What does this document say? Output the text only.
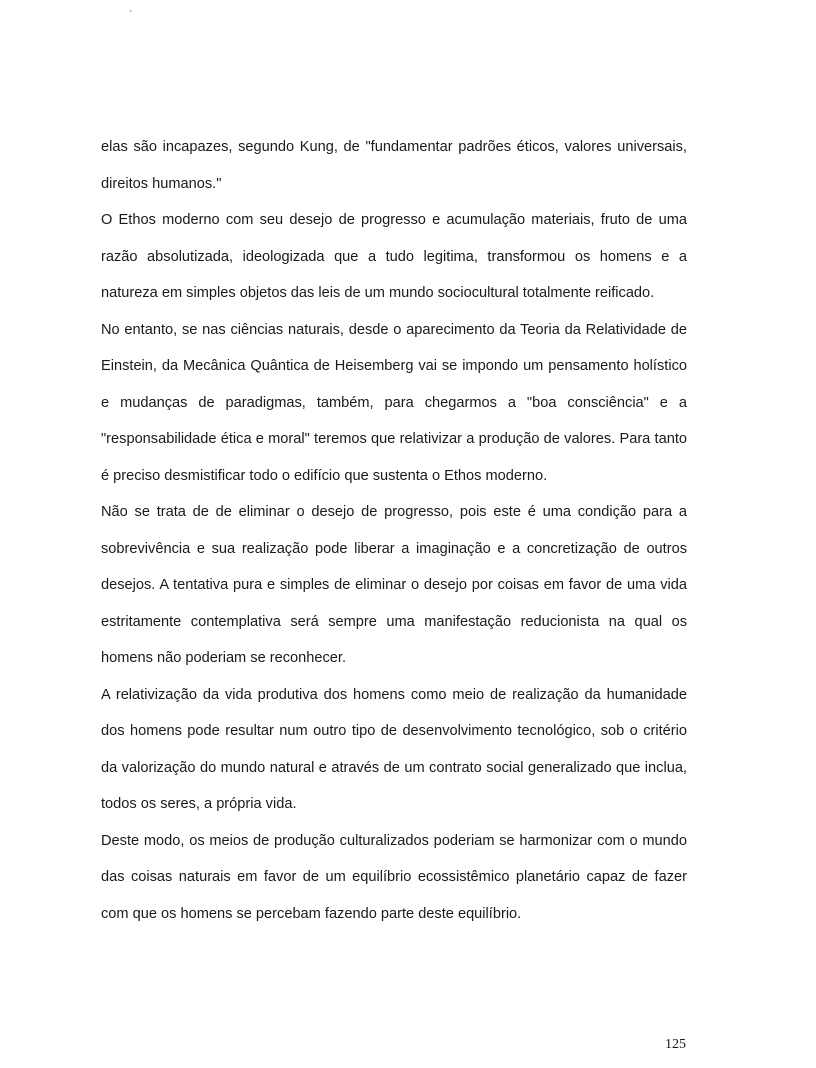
`

elas são incapazes, segundo Kung, de "fundamentar padrões éticos, valores universais, direitos humanos."

O Ethos moderno com seu desejo de progresso e acumulação materiais, fruto de uma razão absolutizada, ideologizada que a tudo legitima, transformou os homens e a natureza em simples objetos das leis de um mundo sociocultural totalmente reificado.

No entanto, se nas ciências naturais, desde o aparecimento da Teoria da Relatividade de Einstein, da Mecânica Quântica de Heisemberg vai se impondo um pensamento holístico e mudanças de paradigmas, também, para chegarmos a "boa consciência" e a "responsabilidade ética e moral" teremos que relativizar a produção de valores. Para tanto é preciso desmistificar todo o edifício que sustenta o Ethos moderno.

Não se trata de de eliminar o desejo de progresso, pois este é uma condição para a sobrevivência e sua realização pode liberar a imaginação e a concretização de outros desejos. A tentativa pura e simples de eliminar o desejo por coisas em favor de uma vida estritamente contemplativa será sempre uma manifestação reducionista na qual os homens não poderiam se reconhecer.

A relativização da vida produtiva dos homens como meio de realização da humanidade dos homens pode resultar num outro tipo de desenvolvimento tecnológico, sob o critério da valorização do mundo natural e através de um contrato social generalizado que inclua, todos os seres, a própria vida.

Deste modo, os meios de produção culturalizados poderiam se harmonizar com o mundo das coisas naturais em favor de um equilíbrio ecossistêmico planetário capaz de fazer com que os homens se percebam fazendo parte deste equilíbrio.

125
